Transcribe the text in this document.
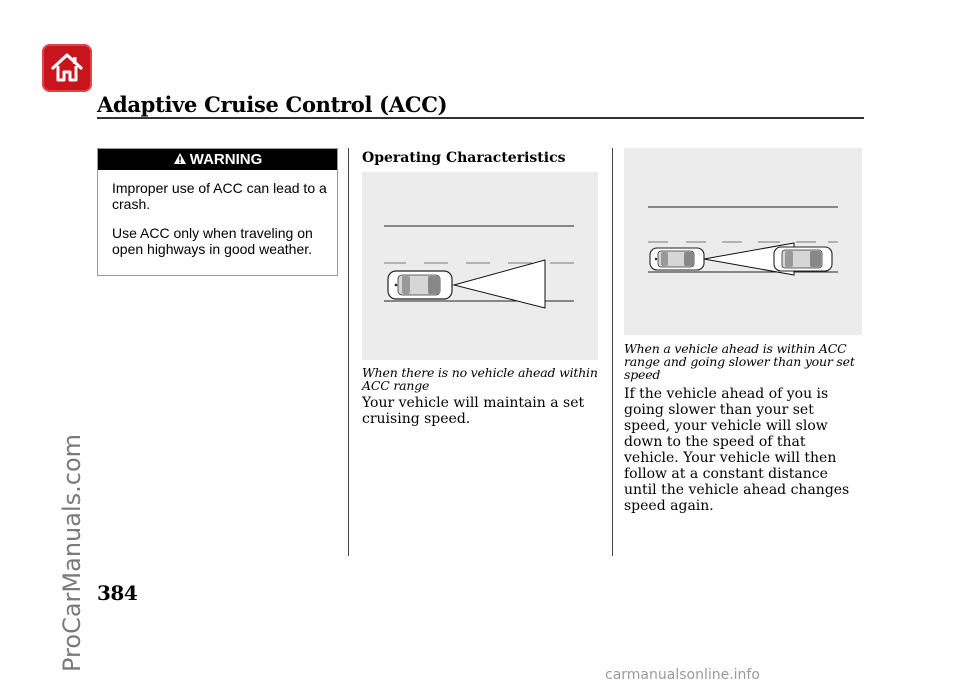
Adaptive Cruise Control (ACC)
WARNING
Improper use of ACC can lead to a crash.
Use ACC only when traveling on open highways in good weather.
Operating Characteristics
When there is no vehicle ahead within ACC range
Your vehicle will maintain a set cruising speed.
When a vehicle ahead is within ACC range and going slower than your set speed
If the vehicle ahead of you is going slower than your set speed, your vehicle will slow down to the speed of that vehicle. Your vehicle will then follow at a constant distance until the vehicle ahead changes speed again.
384
ProCarManuals.com
carmanualsonline.info
